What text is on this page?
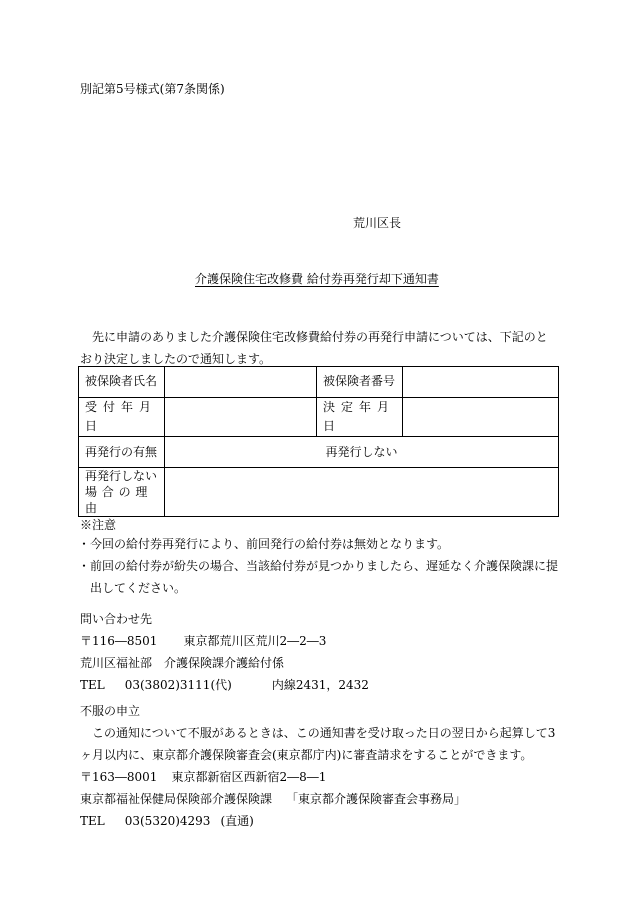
別記第5号様式(第7条関係)
荒川区長
介護保険住宅改修費 給付券再発行却下通知書
先に申請のありました介護保険住宅改修費給付券の再発行申請については、下記のとおり決定しましたので通知します。
被保険者氏名		被保険者番号	
受付年月日		決定年月日	
再発行の有無	再発行しない		

再発行しない
場合の理由			

※注意
・今回の給付券再発行により、前回発行の給付券は無効となります。
・前回の給付券が紛失の場合、当該給付券が見つかりましたら、遅延なく介護保険課に提出してください。
問い合わせ先
〒116―8501 東京都荒川区荒川2―2―3
荒川区福祉部　介護保険課介護給付係
TEL 03(3802)3111(代)	内線2431，2432
不服の申立
この通知について不服があるときは、この通知書を受け取った日の翌日から起算して3ヶ月以内に、東京都介護保険審査会(東京都庁内)に審査請求をすることができます。
〒163―8001 東京都新宿区西新宿2―8―1
東京都福祉保健局保険部介護保険課 「東京都介護保険審査会事務局」
TEL 03(5320)4293 (直通)
